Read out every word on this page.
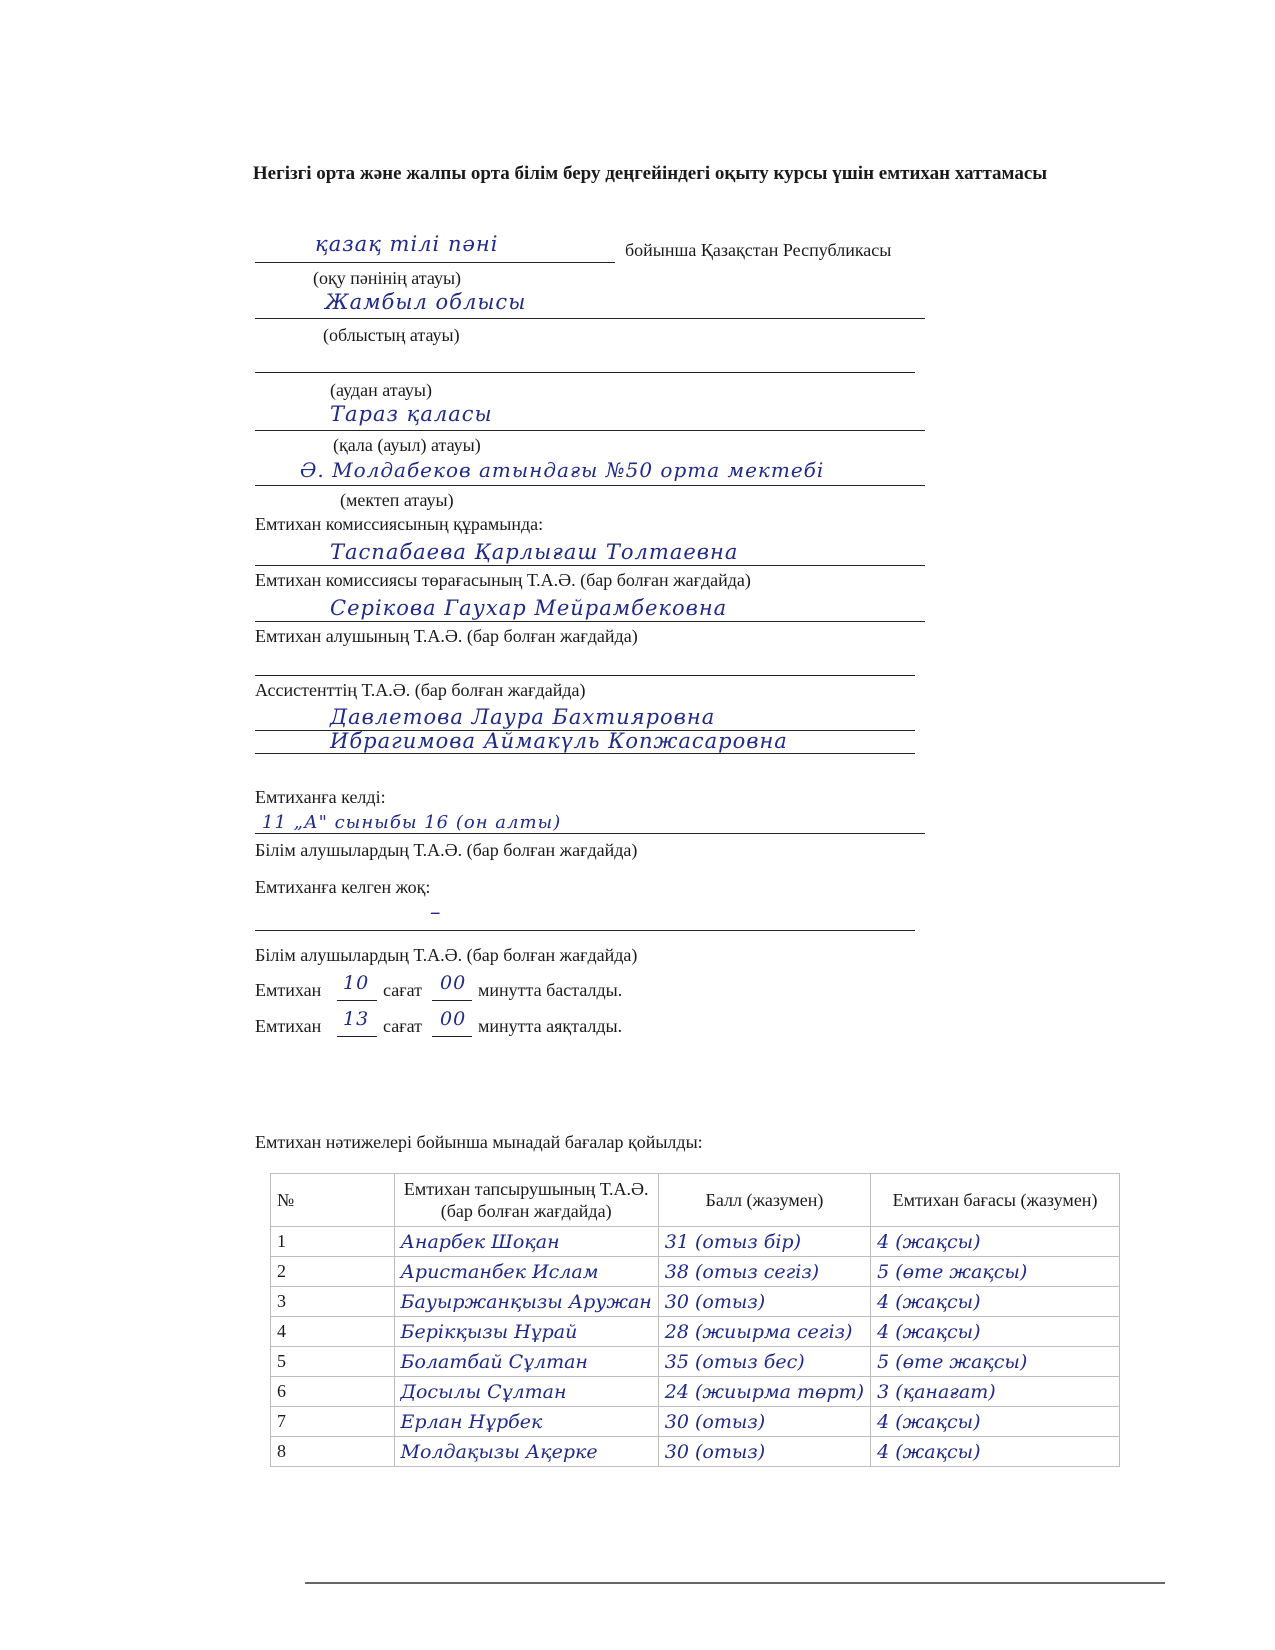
Негізгі орта және жалпы орта білім беру деңгейіндегі оқыту курсы үшін емтихан хаттамасы
қазақ тілі пәні	бойынша Қазақстан Республикасы
(оқу пәнінің атауы)
Жамбыл облысы
(облыстың атауы)
(аудан атауы)
Тараз қаласы
(қала (ауыл) атауы)
Ә. Молдабеков атындағы №50 орта мектебі
(мектеп атауы)
Емтихан комиссиясының құрамында:
Таспабаева Қарлығаш Толтаевна
Емтихан комиссиясы төрағасының Т.А.Ә. (бар болған жағдайда)
Серікова Гаухар Мейрамбековна
Емтихан алушының Т.А.Ә. (бар болған жағдайда)
Ассистенттің Т.А.Ә. (бар болған жағдайда)
Давлетова Лаура Бахтияровна
Ибрагимова Аймакүль Копжасаровна
Емтиханға келді:
11 „А" сыныбы 16 (он алты)
Білім алушылардың Т.А.Ә. (бар болған жағдайда)
Емтиханға келген жоқ:
–
Білім алушылардың Т.А.Ә. (бар болған жағдайда)
Емтихан 10 сағат 00 минутта басталды.
Емтихан 13 сағат 00 минутта аяқталды.
Емтихан нәтижелері бойынша мынадай бағалар қойылды:
№	Емтихан тапсырушының Т.А.Ә. (бар болған жағдайда)	Балл (жазумен)	Емтихан бағасы (жазумен)
1	Анарбек Шоқан	31 (отыз бір)	4 (жақсы)
2	Аристанбек Ислам	38 (отыз сегіз)	5 (өте жақсы)
3	Бауыржанқызы Аружан	30 (отыз)	4 (жақсы)
4	Берікқызы Нұрай	28 (жиырма сегіз)	4 (жақсы)
5	Болатбай Сұлтан	35 (отыз бес)	5 (өте жақсы)
6	Досылы Сұлтан	24 (жиырма төрт)	3 (қанағат)
7	Ерлан Нұрбек	30 (отыз)	4 (жақсы)
8	Молдақызы Ақерке	30 (отыз)	4 (жақсы)
